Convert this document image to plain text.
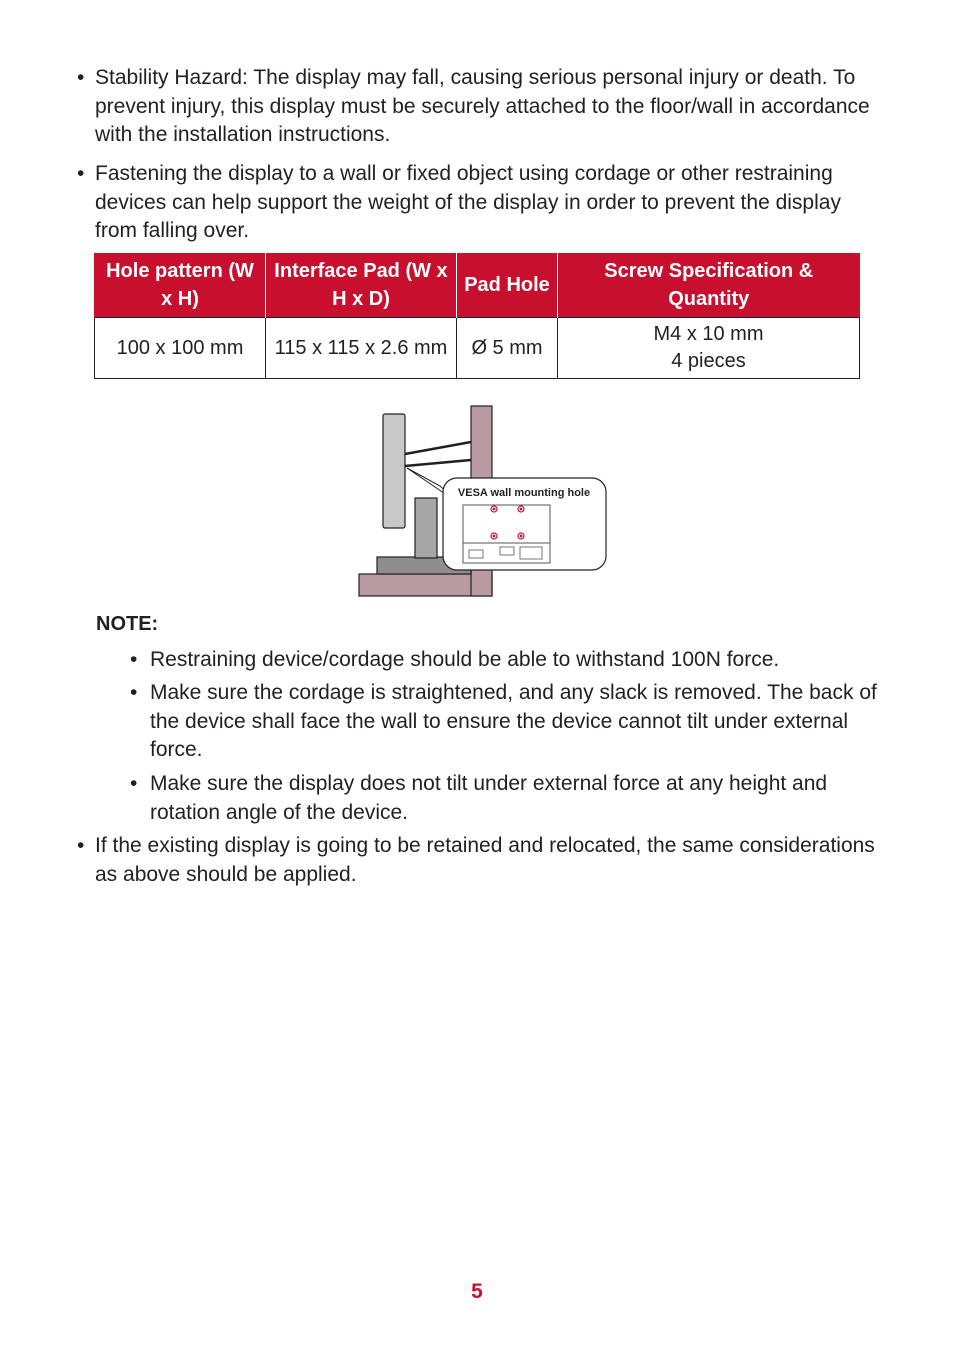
• Stability Hazard: The display may fall, causing serious personal injury or death. To prevent injury, this display must be securely attached to the floor/wall in accordance with the installation instructions.
• Fastening the display to a wall or fixed object using cordage or other restraining devices can help support the weight of the display in order to prevent the display from falling over.
Hole pattern (W x H)	Interface Pad (W x H x D)	Pad Hole	Screw Specification & Quantity
100 x 100 mm	115 x 115 x 2.6 mm	Ø 5 mm	M4 x 10 mm
4 pieces
VESA wall mounting hole
NOTE:
• Restraining device/cordage should be able to withstand 100N force.
• Make sure the cordage is straightened, and any slack is removed. The back of the device shall face the wall to ensure the device cannot tilt under external force.
• Make sure the display does not tilt under external force at any height and rotation angle of the device.
• If the existing display is going to be retained and relocated, the same considerations as above should be applied.
5
